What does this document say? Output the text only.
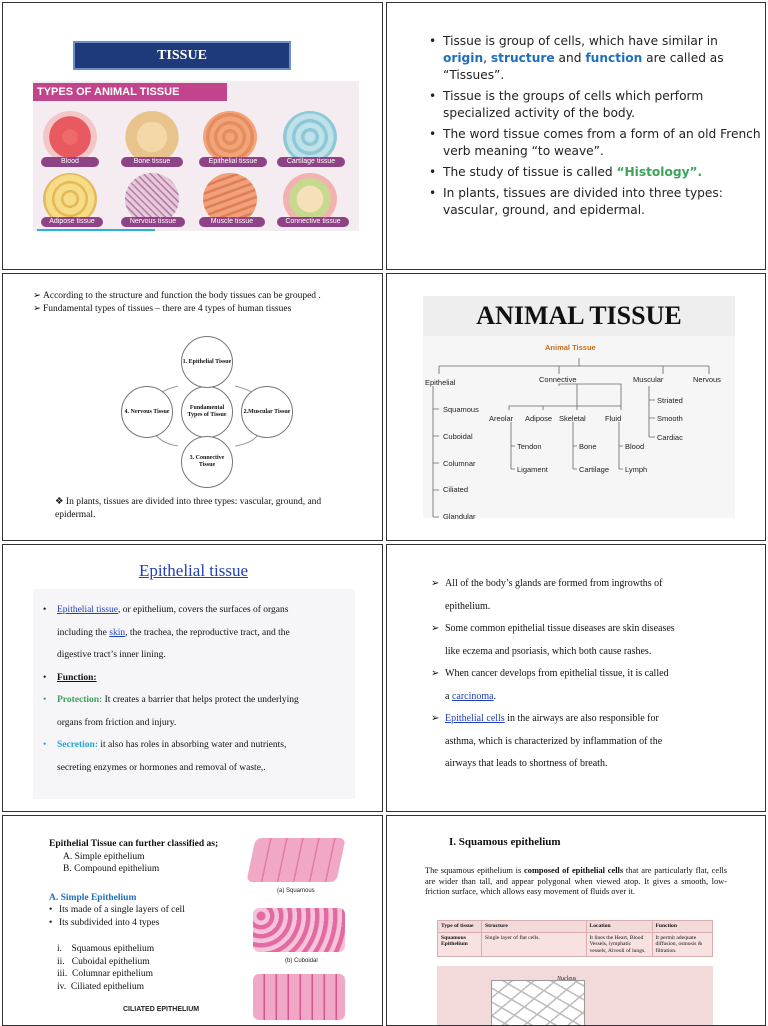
TISSUE
TYPES OF ANIMAL TISSUE
Blood	Bone tissue	Epithelial tissue	Cartilage tissue
Adipose tissue	Nervous tissue	Muscle tissue	Connective tissue
• Tissue is group of cells, which have similar in origin, structure and function are called as “Tissues”.
• Tissue is the groups of cells which perform specialized activity of the body.
• The word tissue comes from a form of an old French verb meaning “to weave”.
• The study of tissue is called “Histology”.
• In plants, tissues are divided into three types: vascular, ground, and epidermal.
➢ According to the structure and function the body tissues can be grouped .
➢ Fundamental types of tissues – there are 4 types of human tissues
Fundamental Types of Tissue
1. Epithelial Tissue
2.Muscular Tissue
3. Connective Tissue
4. Nervous Tissue
❖ In plants, tissues are divided into three types: vascular, ground, and epidermal.
ANIMAL TISSUE
Animal Tissue
Epithelial	Connective	Muscular	Nervous
Squamous
Cuboidal
Columnar
Ciliated
Glandular
Areolar Adipose Skeletal	Fluid
Tendon
Ligament
Bone
Cartilage
Blood
Lymph
Striated
Smooth
Cardiac
Epithelial tissue
• Epithelial tissue, or epithelium, covers the surfaces of organs
including the skin, the trachea, the reproductive tract, and the
digestive tract’s inner lining.
• Function:
• Protection: It creates a barrier that helps protect the underlying
organs from friction and injury.
• Secretion: it also has roles in absorbing water and nutrients,
secreting enzymes or hormones and removal of waste,.
➢ All of the body’s glands are formed from ingrowths of
epithelium.
➢ Some common epithelial tissue diseases are skin diseases
like eczema and psoriasis, which both cause rashes.
➢ When cancer develops from epithelial tissue, it is called
a carcinoma.
➢ Epithelial cells in the airways are also responsible for
asthma, which is characterized by inflammation of the
airways that leads to shortness of breath.
Epithelial Tissue can further classified as;
A. Simple epithelium
B. Compound epithelium
A. Simple Epithelium
• Its made of a single layers of cell
• Its subdivided into 4 types
i.    Squamous epithelium
ii.   Cuboidal epithelium
iii.  Columnar epithelium
iv.  Ciliated epithelium
(a) Squamous
(b) Cuboidal
CILIATED EPITHELIUM
I. Squamous epithelium
The squamous epithelium is composed of epithelial cells that are particularly flat, cells are wider than tall, and appear polygonal when viewed atop. It gives a smooth, low-friction surface, which allows easy movement of fluids over it.
Type of tissue	Structure	Location	Function
Squamous Epithelium	Single layer of flat cells.	It lines the Heart, Blood Vessels, lymphatic vessels, Alveoli of lungs.	It permit adequate diffusion, osmosis & filtration.
Nucleus
